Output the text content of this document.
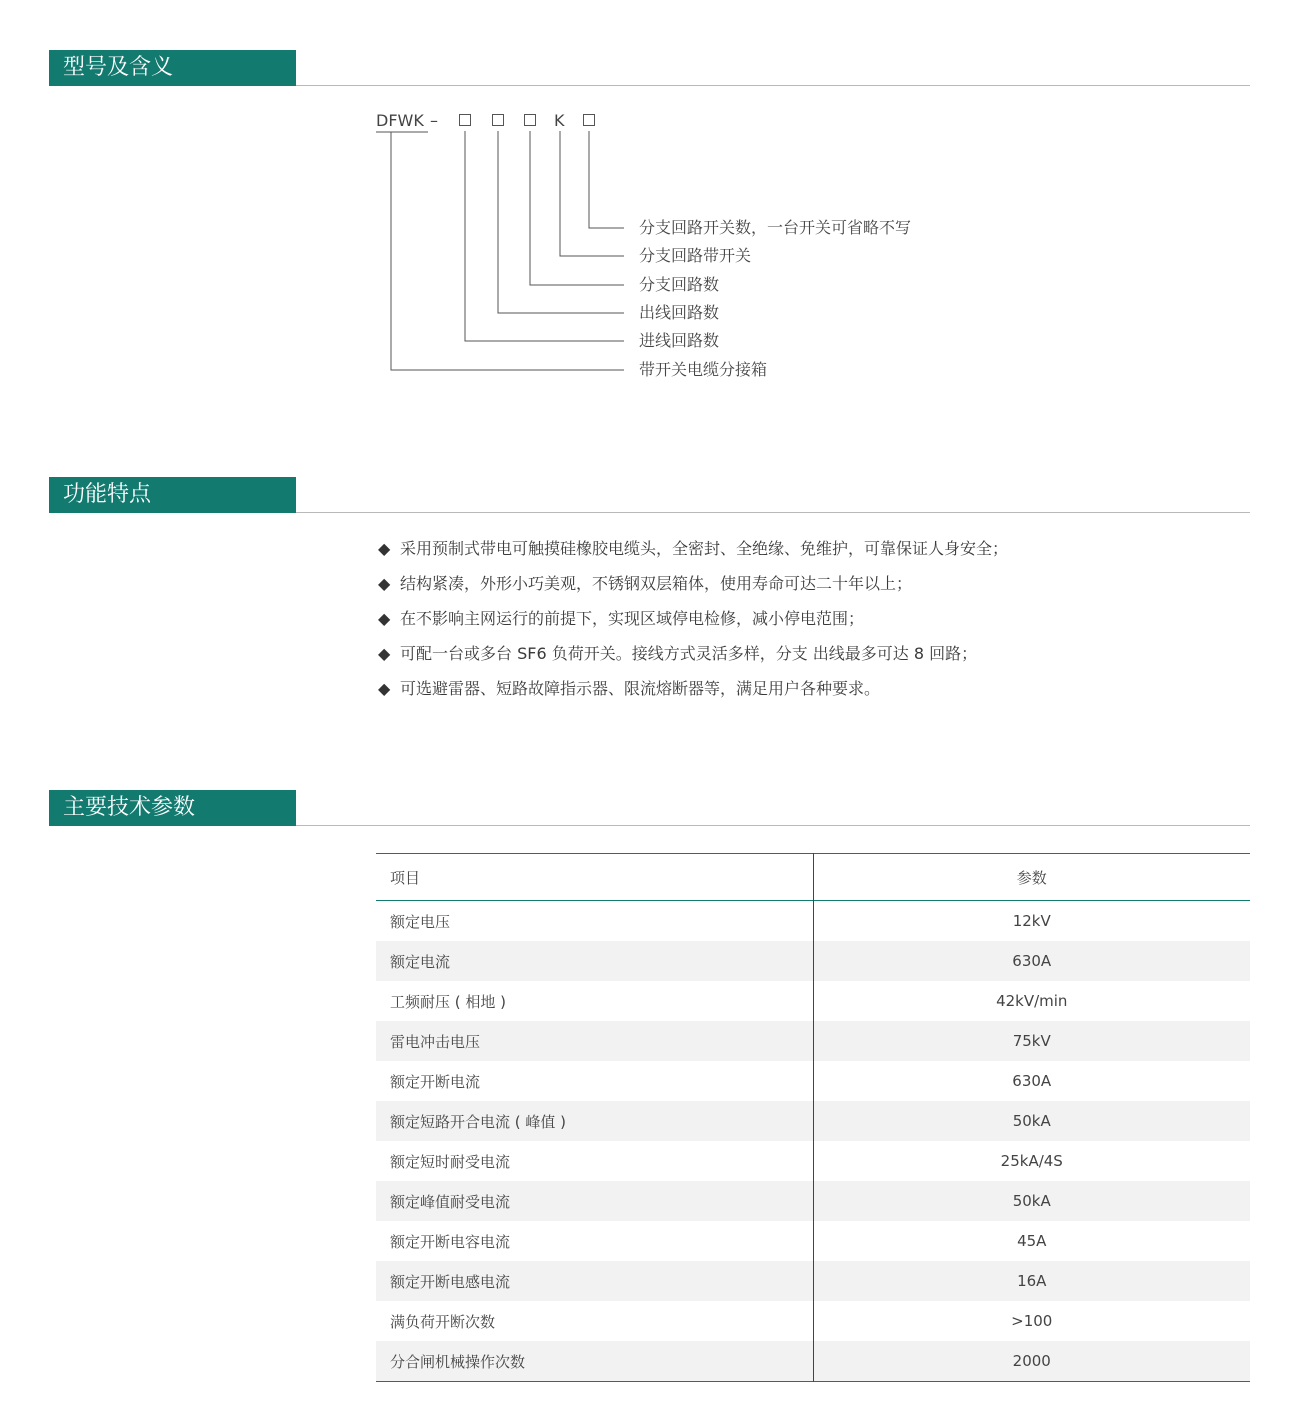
型号及含义
DFWK –	K
分支回路开关数，一台开关可省略不写
分支回路带开关
分支回路数
出线回路数
进线回路数
带开关电缆分接箱
功能特点
◆ 采用预制式带电可触摸硅橡胶电缆头，全密封、全绝缘、免维护，可靠保证人身安全；
◆ 结构紧凑，外形小巧美观，不锈钢双层箱体，使用寿命可达二十年以上；
◆ 在不影响主网运行的前提下，实现区域停电检修，减小停电范围；
◆ 可配一台或多台 SF6 负荷开关。接线方式灵活多样，分支 出线最多可达 8 回路；
◆ 可选避雷器、短路故障指示器、限流熔断器等，满足用户各种要求。
主要技术参数
项目	参数
额定电压	12kV
额定电流	630A
工频耐压 ( 相地 )	42kV/min
雷电冲击电压	75kV
额定开断电流	630A
额定短路开合电流 ( 峰值 )	50kA
额定短时耐受电流	25kA/4S
额定峰值耐受电流	50kA
额定开断电容电流	45A
额定开断电感电流	16A
满负荷开断次数	>100
分合闸机械操作次数	2000
